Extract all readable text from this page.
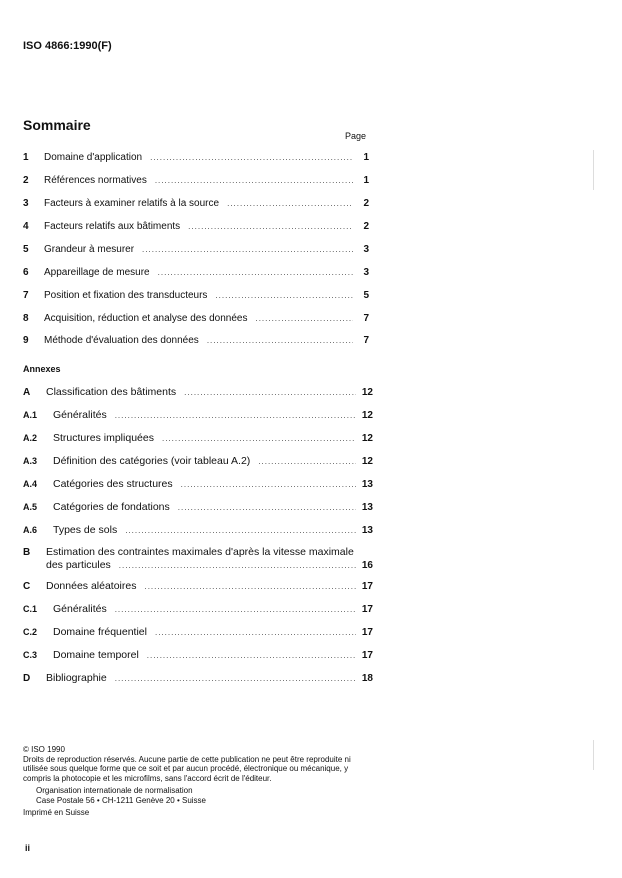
ISO 4866:1990(F)
Sommaire
Page
1	Domaine d'application .....	1
2	Références normatives .....	1
3	Facteurs à examiner relatifs à la source .....	2
4	Facteurs relatifs aux bâtiments .....	2
5	Grandeur à mesurer .....	3
6	Appareillage de mesure .....	3
7	Position et fixation des transducteurs .....	5
8	Acquisition, réduction et analyse des données .....	7
9	Méthode d'évaluation des données .....	7
Annexes
A	Classification des bâtiments .....	12
A.1	Généralités .....	12
A.2	Structures impliquées .....	12
A.3	Définition des catégories (voir tableau A.2) .....	12
A.4	Catégories des structures .....	13
A.5	Catégories de fondations .....	13
A.6	Types de sols .....	13
B	Estimation des contraintes maximales d'après la vitesse maximale
des particules .....	16
C	Données aléatoires .....	17
C.1	Généralités .....	17
C.2	Domaine fréquentiel .....	17
C.3	Domaine temporel .....	17
D	Bibliographie .....	18

© ISO 1990

Droits de reproduction réservés. Aucune partie de cette publication ne peut être reproduite ni utilisée sous quelque forme que ce soit et par aucun procédé, électronique ou mécanique, y compris la photocopie et les microfilms, sans l'accord écrit de l'éditeur.

Organisation internationale de normalisation

Case Postale 56 • CH-1211 Genève 20 • Suisse

Imprimé en Suisse

ii
